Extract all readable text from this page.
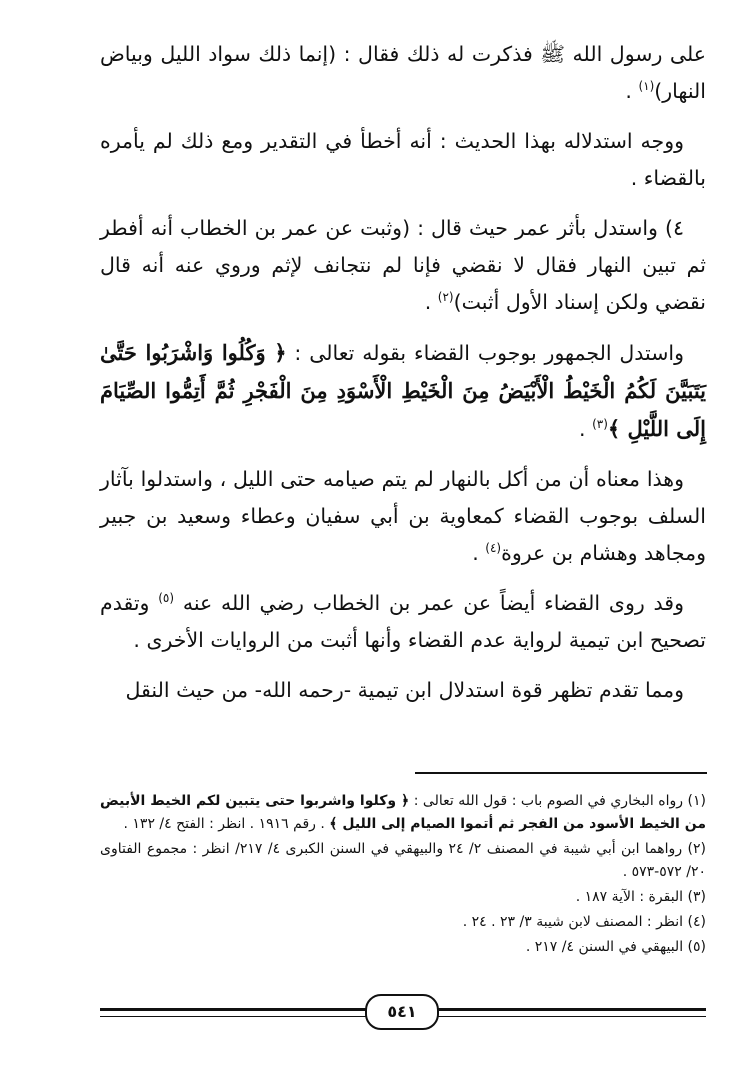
على رسول الله ﷺ فذكرت له ذلك فقال : (إنما ذلك سواد الليل وبياض النهار)$^{(١)}$ .

ووجه استدلاله بهذا الحديث : أنه أخطأ في التقدير ومع ذلك لم يأمره بالقضاء .

٤) واستدل بأثر عمر حيث قال : (وثبت عن عمر بن الخطاب أنه أفطر ثم تبين النهار فقال لا نقضي فإنا لم نتجانف لإثم وروي عنه أنه قال نقضي ولكن إسناد الأول أثبت)$^{(٢)}$ .

واستدل الجمهور بوجوب القضاء بقوله تعالى : ﴿ وَكُلُوا وَاشْرَبُوا حَتَّىٰ يَتَبَيَّنَ لَكُمُ الْخَيْطُ الْأَبْيَضُ مِنَ الْخَيْطِ الْأَسْوَدِ مِنَ الْفَجْرِ ثُمَّ أَتِمُّوا الصِّيَامَ إِلَى اللَّيْلِ ﴾$^{(٣)}$ .

وهذا معناه أن من أكل بالنهار لم يتم صيامه حتى الليل ، واستدلوا بآثار السلف بوجوب القضاء كمعاوية بن أبي سفيان وعطاء وسعيد بن جبير ومجاهد وهشام بن عروة$^{(٤)}$ .

وقد روى القضاء أيضاً عن عمر بن الخطاب رضي الله عنه $^{(٥)}$ وتقدم تصحيح ابن تيمية لرواية عدم القضاء وأنها أثبت من الروايات الأخرى .

ومما تقدم تظهر قوة استدلال ابن تيمية -رحمه الله- من حيث النقل

(١) رواه البخاري في الصوم باب : قول الله تعالى : ﴿ وكلوا واشربوا حتى يتبين لكم الخيط الأبيض من الخيط الأسود من الفجر ثم أتموا الصيام إلى الليل ﴾ . رقم ١٩١٦ . انظر : الفتح ٤/ ١٣٢ .

(٢) رواهما ابن أبي شيبة في المصنف ٢/ ٢٤ والبيهقي في السنن الكبرى ٤/ ٢١٧/ انظر : مجموع الفتاوى ٢٠/ ٥٧٢-٥٧٣ .

(٣) البقرة : الآية ١٨٧ .

(٤) انظر : المصنف لابن شيبة ٣/ ٢٣ . ٢٤ .

(٥) البيهقي في السنن ٤/ ٢١٧ .

٥٤١
